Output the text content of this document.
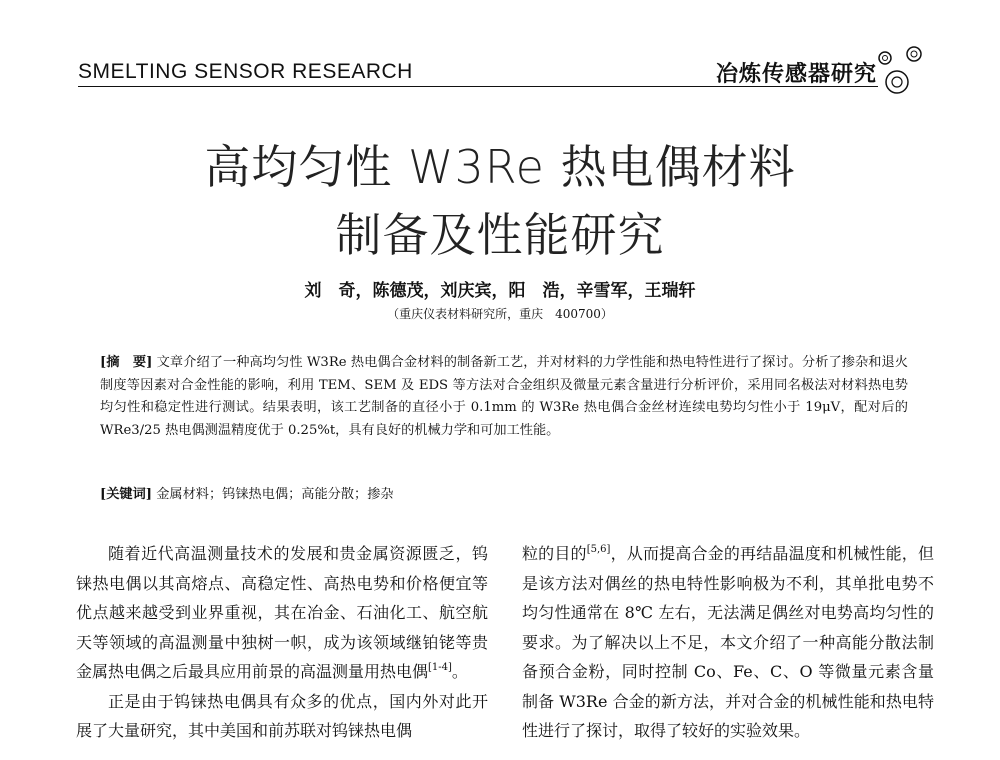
SMELTING SENSOR RESEARCH	冶炼传感器研究
高均匀性 W3Re 热电偶材料
制备及性能研究
刘　奇，陈德茂，刘庆宾，阳　浩，辛雪军，王瑞轩
（重庆仪表材料研究所，重庆　400700）
[摘　要] 文章介绍了一种高均匀性 W3Re 热电偶合金材料的制备新工艺，并对材料的力学性能和热电特性进行了探讨。分析了掺杂和退火制度等因素对合金性能的影响，利用 TEM、SEM 及 EDS 等方法对合金组织及微量元素含量进行分析评价，采用同名极法对材料热电势均匀性和稳定性进行测试。结果表明，该工艺制备的直径小于 0.1mm 的 W3Re 热电偶合金丝材连续电势均匀性小于 19μV，配对后的 WRe3/25 热电偶测温精度优于 0.25%t，具有良好的机械力学和可加工性能。
[关键词] 金属材料；钨铼热电偶；高能分散；掺杂

随着近代高温测量技术的发展和贵金属资源匮乏，钨铼热电偶以其高熔点、高稳定性、高热电势和价格便宜等优点越来越受到业界重视，其在冶金、石油化工、航空航天等领域的高温测量中独树一帜，成为该领域继铂铑等贵金属热电偶之后最具应用前景的高温测量用热电偶[1-4]。

正是由于钨铼热电偶具有众多的优点，国内外对此开展了大量研究，其中美国和前苏联对钨铼热电偶

粒的目的[5,6]，从而提高合金的再结晶温度和机械性能，但是该方法对偶丝的热电特性影响极为不利，其单批电势不均匀性通常在 8℃ 左右，无法满足偶丝对电势高均匀性的要求。为了解决以上不足，本文介绍了一种高能分散法制备预合金粉，同时控制 Co、Fe、C、O 等微量元素含量制备 W3Re 合金的新方法，并对合金的机械性能和热电特性进行了探讨，取得了较好的实验效果。
